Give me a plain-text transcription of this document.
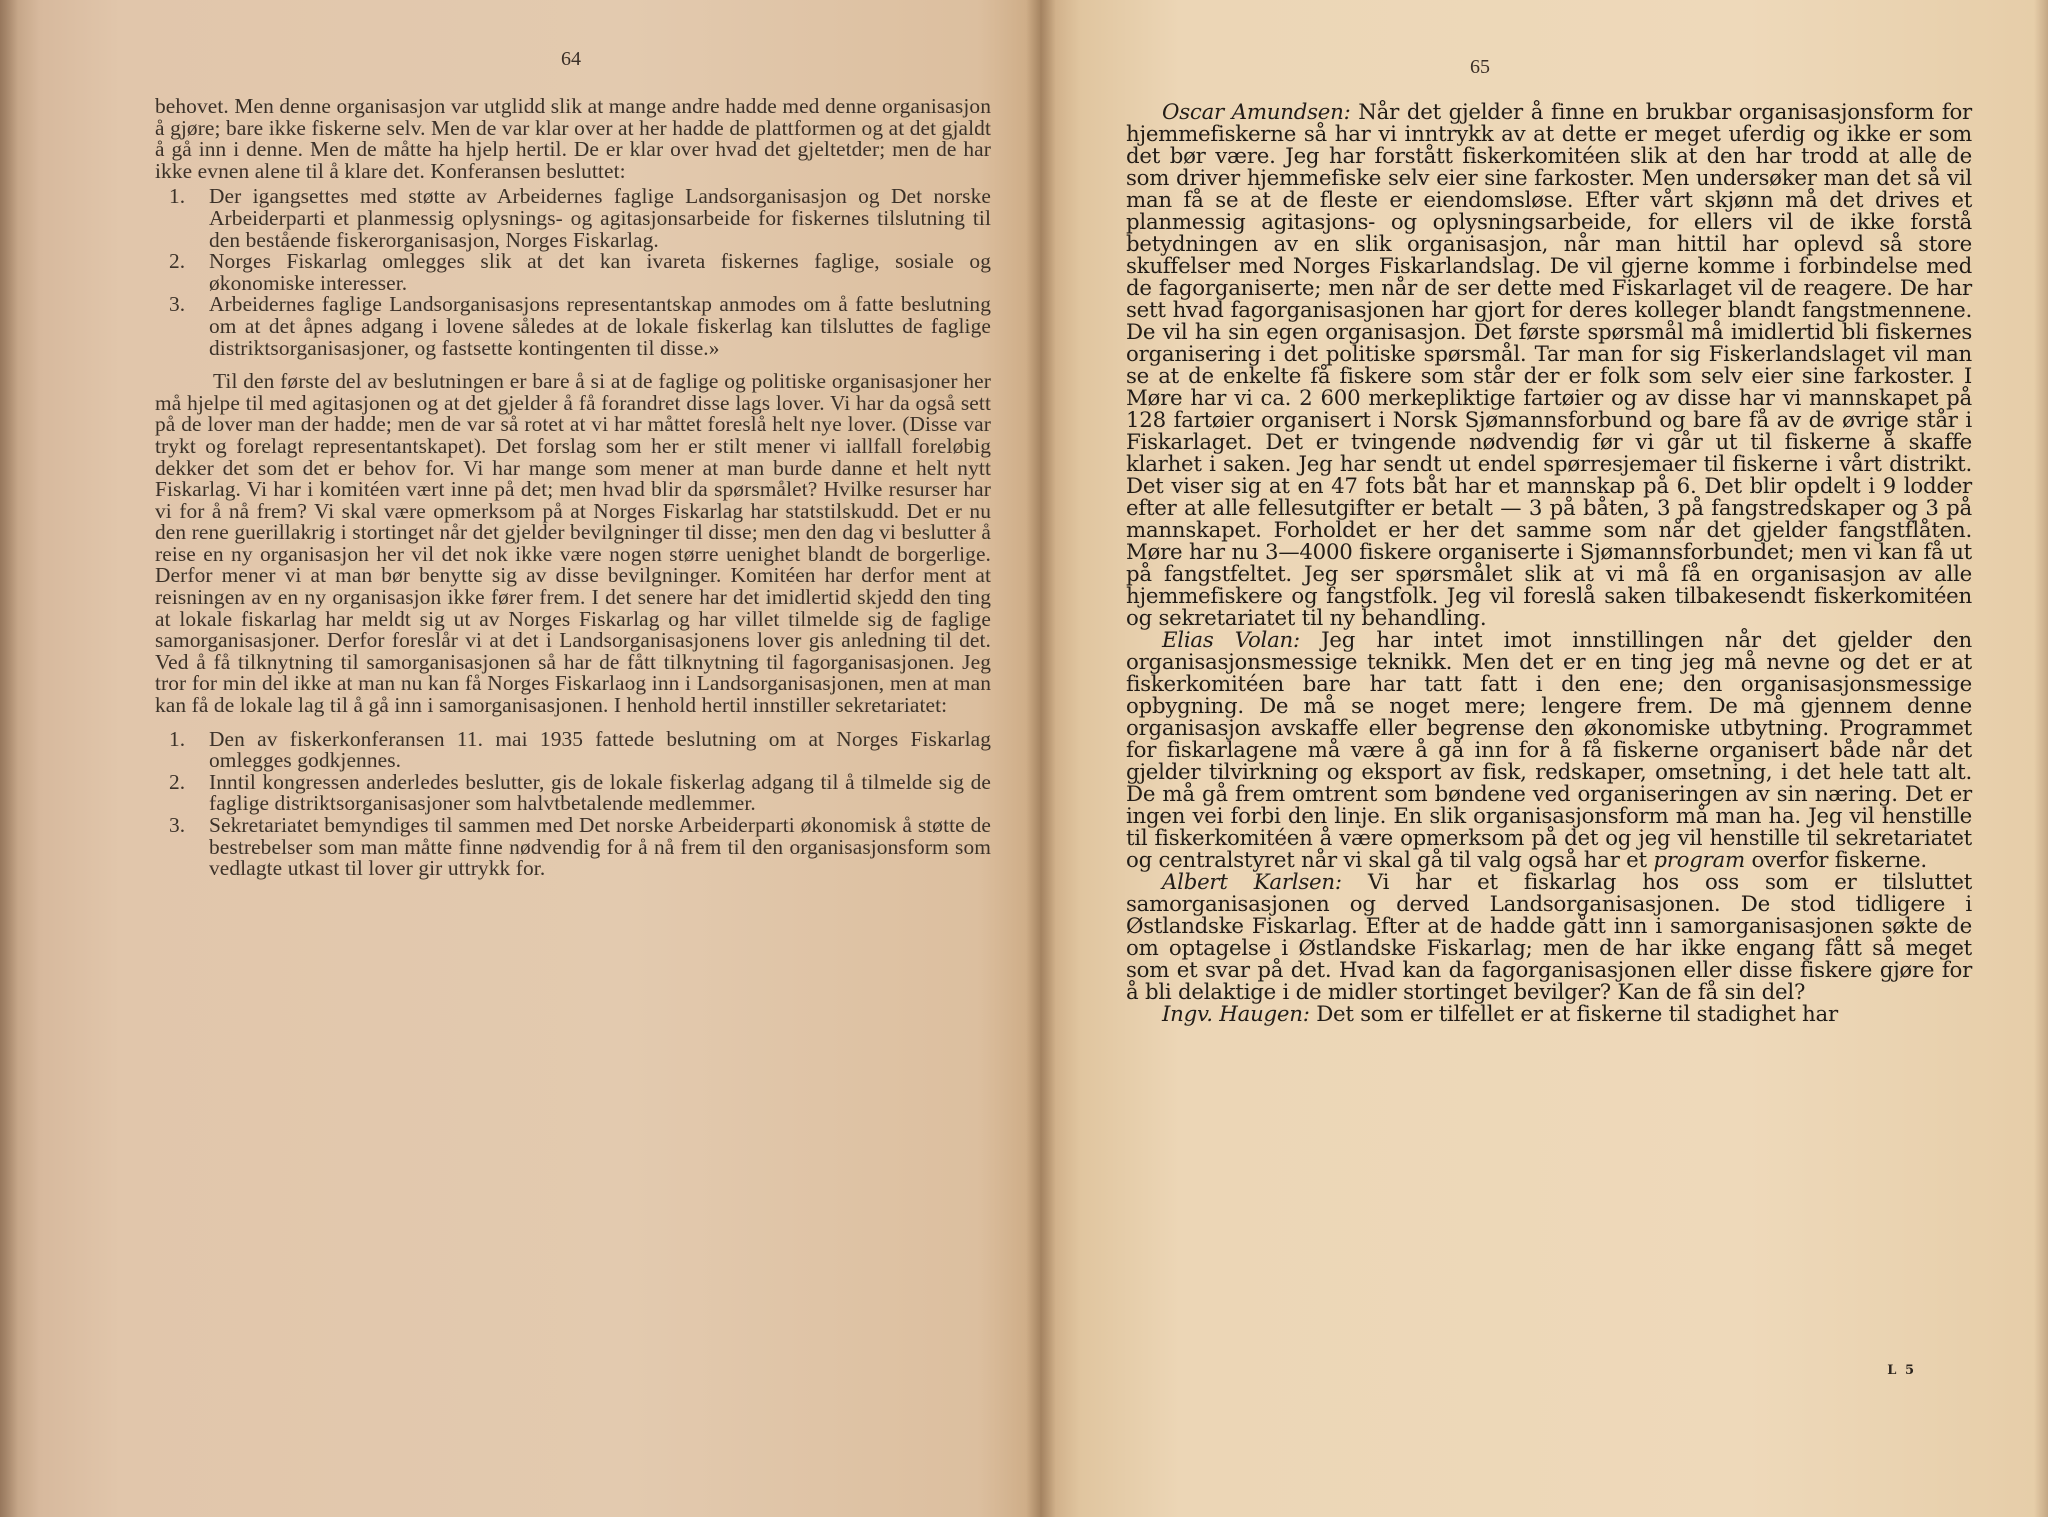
64

behovet. Men denne organisasjon var utglidd slik at mange andre hadde med denne organisasjon å gjøre; bare ikke fiskerne selv. Men de var klar over at her hadde de plattformen og at det gjaldt å gå inn i denne. Men de måtte ha hjelp hertil. De er klar over hvad det gjeltetder; men de har ikke evnen alene til å klare det. Konferansen besluttet:

1. Der igangsettes med støtte av Arbeidernes faglige Landsorganisasjon og Det norske Arbeiderparti et planmessig oplysnings- og agitasjonsarbeide for fiskernes tilslutning til den bestående fiskerorganisasjon, Norges Fiskarlag.
2. Norges Fiskarlag omlegges slik at det kan ivareta fiskernes faglige, sosiale og økonomiske interesser.
3. Arbeidernes faglige Landsorganisasjons representantskap anmodes om å fatte beslutning om at det åpnes adgang i lovene således at de lokale fiskerlag kan tilsluttes de faglige distriktsorganisasjoner, og fastsette kontingenten til disse.»

Til den første del av beslutningen er bare å si at de faglige og politiske organisasjoner her må hjelpe til med agitasjonen og at det gjelder å få forandret disse lags lover. Vi har da også sett på de lover man der hadde; men de var så rotet at vi har måttet foreslå helt nye lover. (Disse var trykt og forelagt representantskapet). Det forslag som her er stilt mener vi iallfall foreløbig dekker det som det er behov for. Vi har mange som mener at man burde danne et helt nytt Fiskarlag. Vi har i komitéen vært inne på det; men hvad blir da spørsmålet? Hvilke resurser har vi for å nå frem? Vi skal være opmerksom på at Norges Fiskarlag har statstilskudd. Det er nu den rene guerillakrig i stortinget når det gjelder bevilgninger til disse; men den dag vi beslutter å reise en ny organisasjon her vil det nok ikke være nogen større uenighet blandt de borgerlige. Derfor mener vi at man bør benytte sig av disse bevilgninger. Komitéen har derfor ment at reisningen av en ny organisasjon ikke fører frem. I det senere har det imidlertid skjedd den ting at lokale fiskarlag har meldt sig ut av Norges Fiskarlag og har villet tilmelde sig de faglige samorganisasjoner. Derfor foreslår vi at det i Landsorganisasjonens lover gis anledning til det. Ved å få tilknytning til samorganisasjonen så har de fått tilknytning til fagorganisasjonen. Jeg tror for min del ikke at man nu kan få Norges Fiskarlaog inn i Landsorganisasjonen, men at man kan få de lokale lag til å gå inn i samorganisasjonen. I henhold hertil innstiller sekretariatet:

1. Den av fiskerkonferansen 11. mai 1935 fattede beslutning om at Norges Fiskarlag omlegges godkjennes.
2. Inntil kongressen anderledes beslutter, gis de lokale fiskerlag adgang til å tilmelde sig de faglige distriktsorganisasjoner som halvtbetalende medlemmer.
3. Sekretariatet bemyndiges til sammen med Det norske Arbeiderparti økonomisk å støtte de bestrebelser som man måtte finne nødvendig for å nå frem til den organisasjonsform som vedlagte utkast til lover gir uttrykk for.
65

Oscar Amundsen: Når det gjelder å finne en brukbar organisasjonsform for hjemmefiskerne så har vi inntrykk av at dette er meget uferdig og ikke er som det bør være. Jeg har forstått fiskerkomitéen slik at den har trodd at alle de som driver hjemmefiske selv eier sine farkoster. Men undersøker man det så vil man få se at de fleste er eiendomsløse. Efter vårt skjønn må det drives et planmessig agitasjons- og oplysningsarbeide, for ellers vil de ikke forstå betydningen av en slik organisasjon, når man hittil har oplevd så store skuffelser med Norges Fiskarlandslag. De vil gjerne komme i forbindelse med de fagorganiserte; men når de ser dette med Fiskarlaget vil de reagere. De har sett hvad fagorganisasjonen har gjort for deres kolleger blandt fangstmennene. De vil ha sin egen organisasjon. Det første spørsmål må imidlertid bli fiskernes organisering i det politiske spørsmål. Tar man for sig Fiskerlandslaget vil man se at de enkelte få fiskere som står der er folk som selv eier sine farkoster. I Møre har vi ca. 2 600 merkepliktige fartøier og av disse har vi mannskapet på 128 fartøier organisert i Norsk Sjømannsforbund og bare få av de øvrige står i Fiskarlaget. Det er tvingende nødvendig før vi går ut til fiskerne å skaffe klarhet i saken. Jeg har sendt ut endel spørresjemaer til fiskerne i vårt distrikt. Det viser sig at en 47 fots båt har et mannskap på 6. Det blir opdelt i 9 lodder efter at alle fellesutgifter er betalt — 3 på båten, 3 på fangstredskaper og 3 på mannskapet. Forholdet er her det samme som når det gjelder fangstflåten. Møre har nu 3—4000 fiskere organiserte i Sjømannsforbundet; men vi kan få ut på fangstfeltet. Jeg ser spørsmålet slik at vi må få en organisasjon av alle hjemmefiskere og fangstfolk. Jeg vil foreslå saken tilbakesendt fiskerkomitéen og sekretariatet til ny behandling.

Elias Volan: Jeg har intet imot innstillingen når det gjelder den organisasjonsmessige teknikk. Men det er en ting jeg må nevne og det er at fiskerkomitéen bare har tatt fatt i den ene; den organisasjonsmessige opbygning. De må se noget mere; lengere frem. De må gjennem denne organisasjon avskaffe eller begrense den økonomiske utbytning. Programmet for fiskarlagene må være å gå inn for å få fiskerne organisert både når det gjelder tilvirkning og eksport av fisk, redskaper, omsetning, i det hele tatt alt. De må gå frem omtrent som bøndene ved organiseringen av sin næring. Det er ingen vei forbi den linje. En slik organisasjonsform må man ha. Jeg vil henstille til fiskerkomitéen å være opmerksom på det og jeg vil henstille til sekretariatet og centralstyret når vi skal gå til valg også har et program overfor fiskerne.

Albert Karlsen: Vi har et fiskarlag hos oss som er tilsluttet samorganisasjonen og derved Landsorganisasjonen. De stod tidligere i Østlandske Fiskarlag. Efter at de hadde gått inn i samorganisasjonen søkte de om optagelse i Østlandske Fiskarlag; men de har ikke engang fått så meget som et svar på det. Hvad kan da fagorganisasjonen eller disse fiskere gjøre for å bli delaktige i de midler stortinget bevilger? Kan de få sin del?

Ingv. Haugen: Det som er tilfellet er at fiskerne til stadighet har

L 5
